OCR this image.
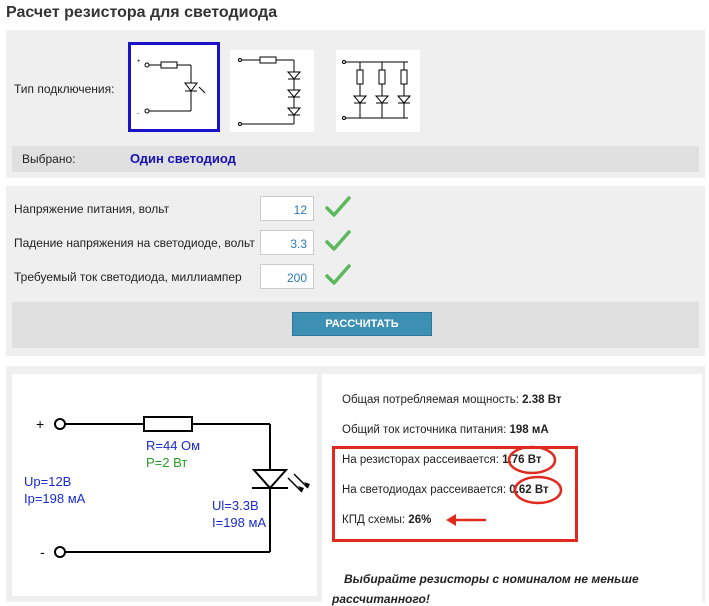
Расчет резистора для светодиода
Тип подключения:
+
-
Выбрано:	Один светодиод
Напряжение питания, вольт	12
Падение напряжения на светодиоде, вольт	3.3
Требуемый ток светодиода, миллиампер	200
РАССЧИТАТЬ
+
-
R=44 Ом
P=2 Вт
Up=12В
Ip=198 мА	Ul=3.3В
I=198 мА
Общая потребляемая мощность: 2.38 Вт
Общий ток источника питания: 198 мА
На резисторах рассеивается: 1.76 Вт
На светодиодах рассеивается: 0.62 Вт
КПД схемы: 26%
Выбирайте резисторы с номиналом не меньше
рассчитанного!
